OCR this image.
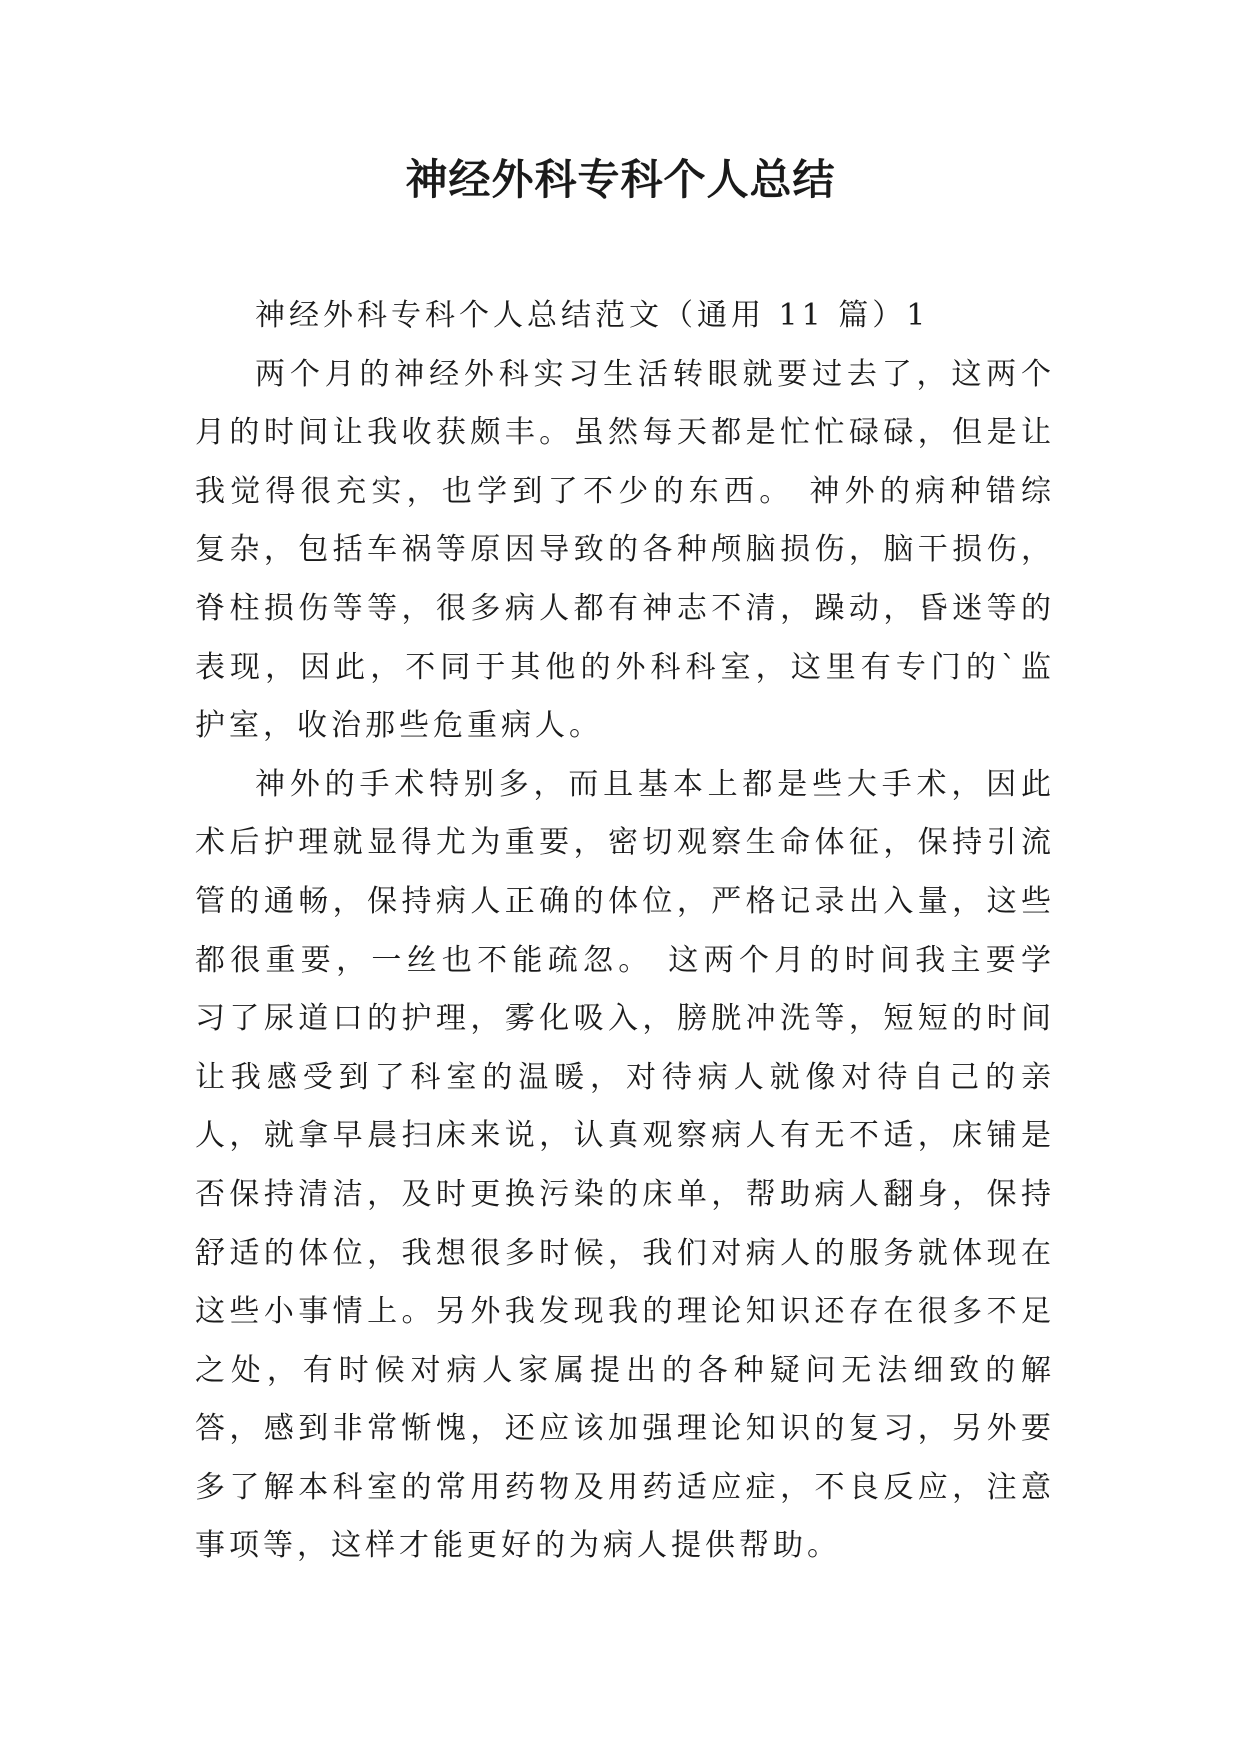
神经外科专科个人总结

神经外科专科个人总结范文（通用 11 篇）1

两个月的神经外科实习生活转眼就要过去了，这两个月的时间让我收获颇丰。虽然每天都是忙忙碌碌，但是让我觉得很充实，也学到了不少的东西。 神外的病种错综复杂，包括车祸等原因导致的各种颅脑损伤，脑干损伤，脊柱损伤等等，很多病人都有神志不清，躁动，昏迷等的表现，因此，不同于其他的外科科室，这里有专门的`监护室，收治那些危重病人。

神外的手术特别多，而且基本上都是些大手术，因此术后护理就显得尤为重要，密切观察生命体征，保持引流管的通畅，保持病人正确的体位，严格记录出入量，这些都很重要，一丝也不能疏忽。 这两个月的时间我主要学习了尿道口的护理，雾化吸入，膀胱冲洗等，短短的时间让我感受到了科室的温暖，对待病人就像对待自己的亲人，就拿早晨扫床来说，认真观察病人有无不适，床铺是否保持清洁，及时更换污染的床单，帮助病人翻身，保持舒适的体位，我想很多时候，我们对病人的服务就体现在这些小事情上。另外我发现我的理论知识还存在很多不足之处，有时候对病人家属提出的各种疑问无法细致的解答，感到非常惭愧，还应该加强理论知识的复习，另外要多了解本科室的常用药物及用药适应症，不良反应，注意事项等，这样才能更好的为病人提供帮助。
